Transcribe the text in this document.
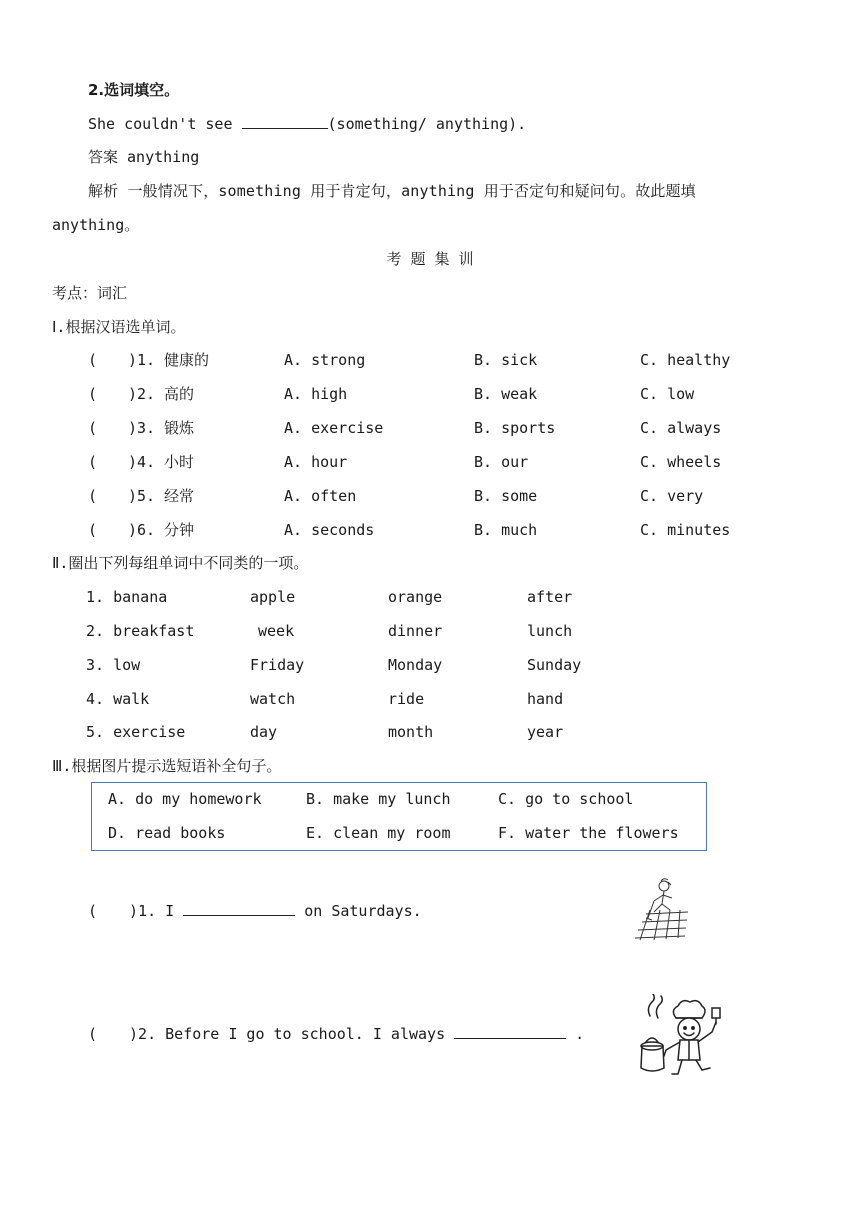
2.选词填空。
She couldn't see	(something/ anything).
答案 anything
解析 一般情况下，something 用于肯定句，anything 用于否定句和疑问句。故此题填
anything。
考 题 集 训
考点：词汇
Ⅰ.根据汉语选单词。
( )1. 健康的	A. strong	B. sick	C. healthy
( )2. 高的	A. high	B. weak	C. low
( )3. 锻炼	A. exercise	B. sports	C. always
( )4. 小时	A. hour	B. our	C. wheels
( )5. 经常	A. often	B. some	C. very
( )6. 分钟	A. seconds	B. much	C. minutes
Ⅱ.圈出下列每组单词中不同类的一项。
1. banana	apple	orange	after
2. breakfast	week	dinner	lunch
3. low	Friday	Monday	Sunday
4. walk	watch	ride	hand
5. exercise	day	month	year
Ⅲ.根据图片提示选短语补全句子。
A. do my homework	B. make my lunch	C. go to school
D. read books	E. clean my room	F. water the flowers
( )1. I	on Saturdays.
( )2. Before I go to school. I always	.
